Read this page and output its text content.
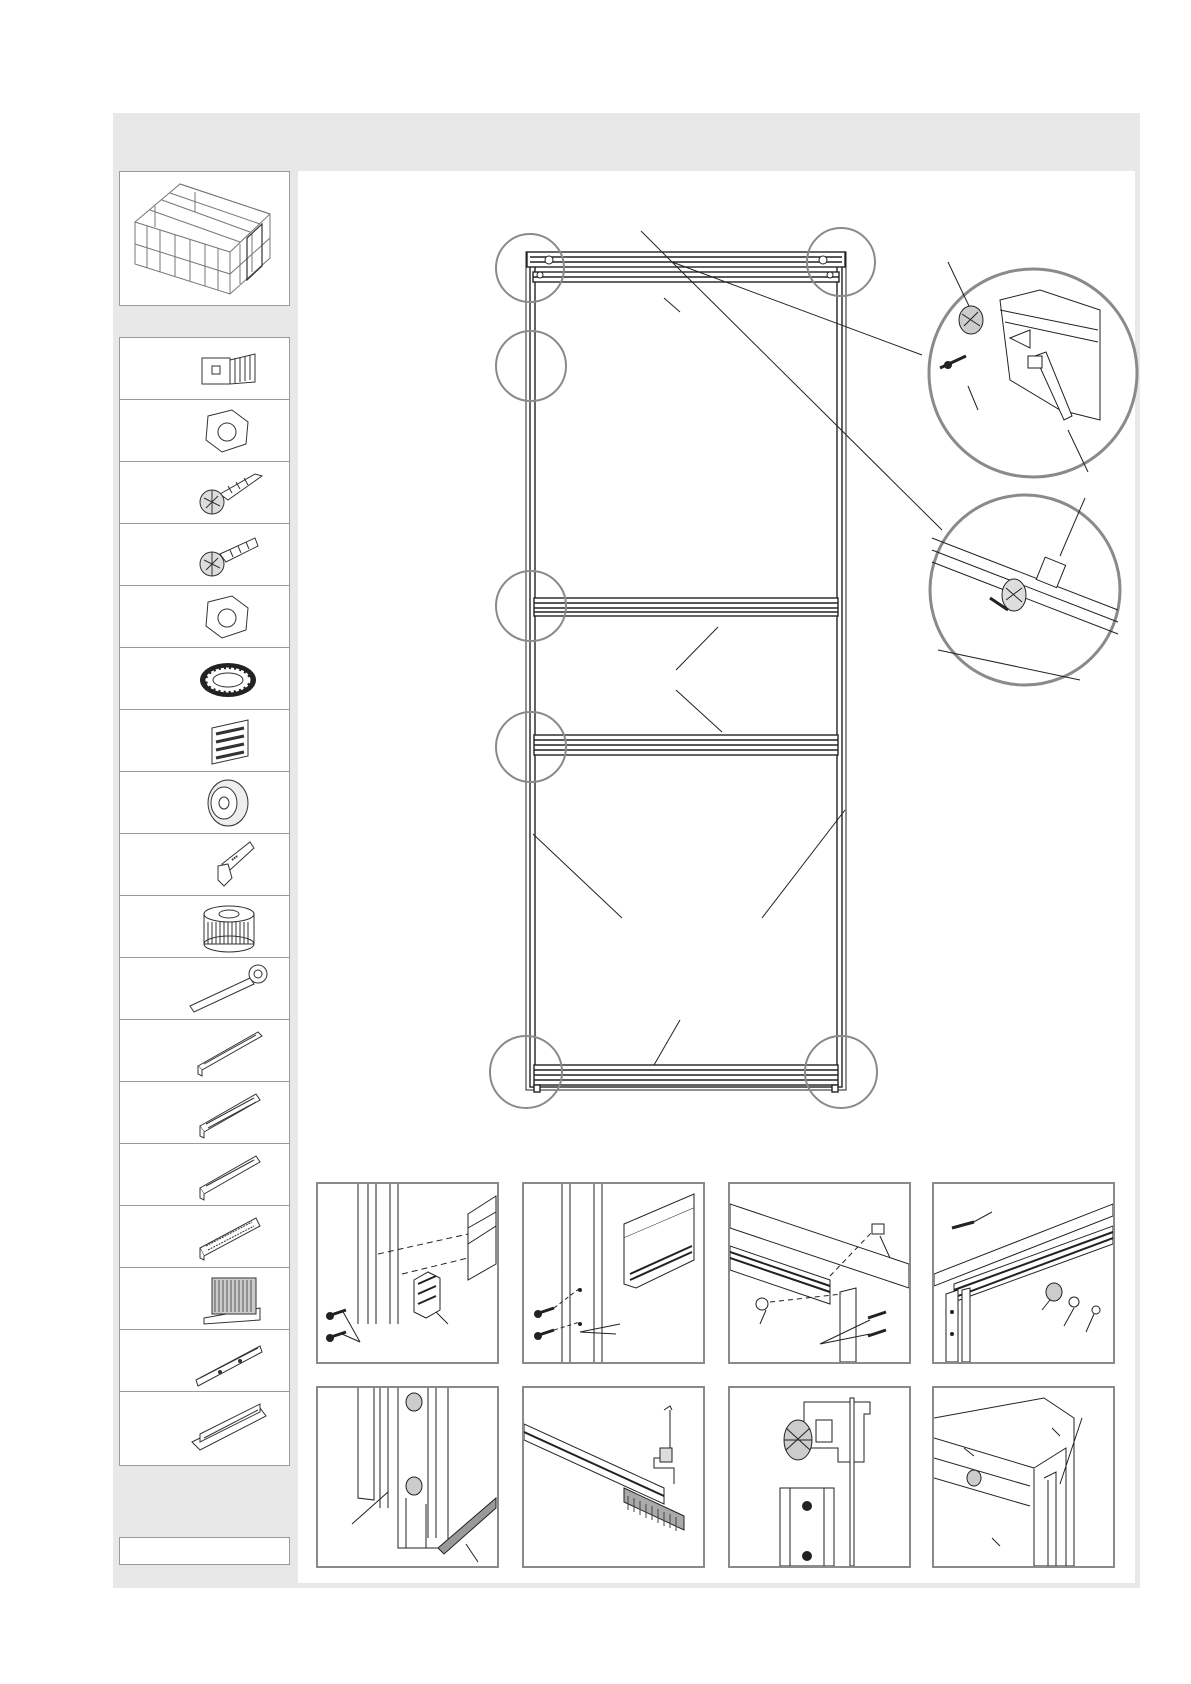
▪▪▪
